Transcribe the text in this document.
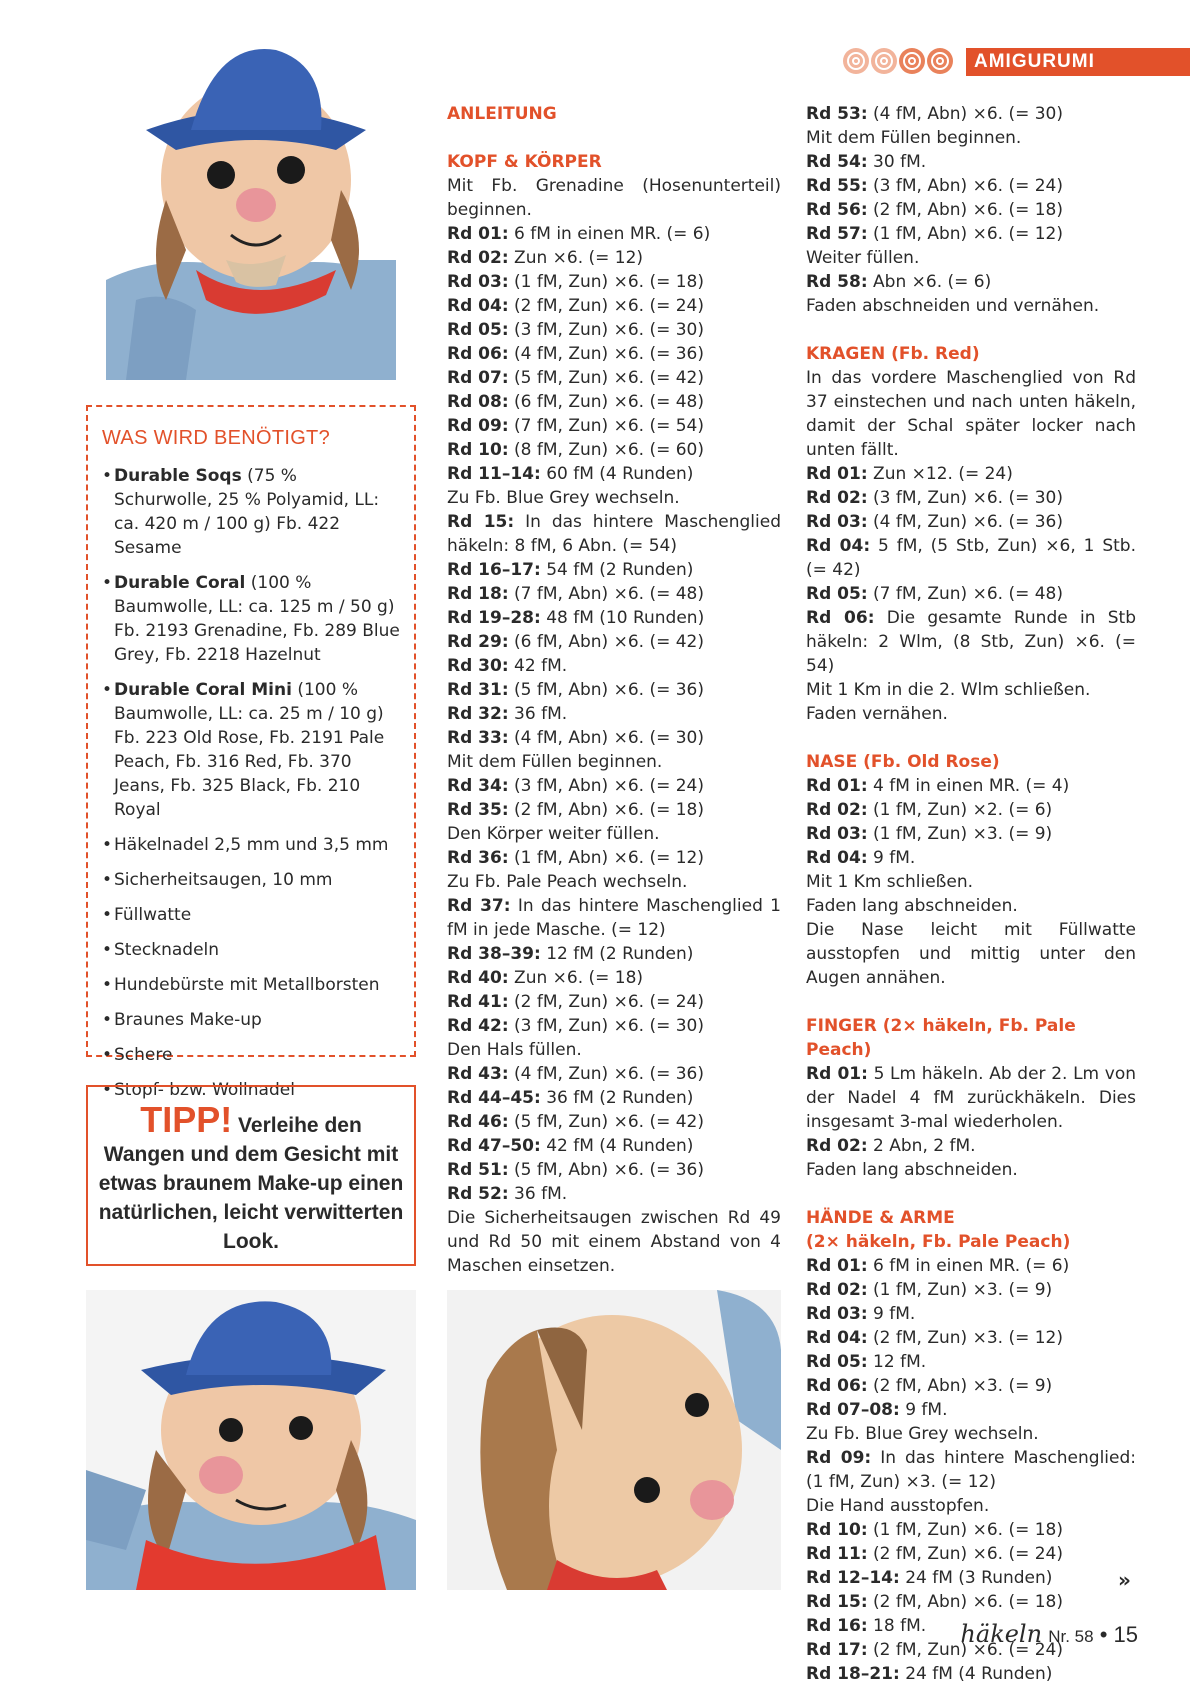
AMIGURUMI
WAS WIRD BENÖTIGT?
• Durable Soqs (75 % Schurwolle, 25 % Polyamid, LL: ca. 420 m / 100 g) Fb. 422 Sesame
• Durable Coral (100 % Baumwolle, LL: ca. 125 m / 50 g) Fb. 2193 Grenadine, Fb. 289 Blue Grey, Fb. 2218 Hazelnut
• Durable Coral Mini (100 % Baumwolle, LL: ca. 25 m / 10 g) Fb. 223 Old Rose, Fb. 2191 Pale Peach, Fb. 316 Red, Fb. 370 Jeans, Fb. 325 Black, Fb. 210 Royal
• Häkelnadel 2,5 mm und 3,5 mm
• Sicherheitsaugen, 10 mm
• Füllwatte
• Stecknadeln
• Hundebürste mit Metallborsten
• Braunes Make-up
• Schere
• Stopf- bzw. Wollnadel
TIPP! Verleihe den Wangen und dem Gesicht mit etwas braunem Make-up einen natürlichen, leicht verwitterten Look.

ANLEITUNG

KOPF & KÖRPER

Mit Fb. Grenadine (Hosenunterteil) beginnen.

Rd 01: 6 fM in einen MR. (= 6)

Rd 02: Zun ×6. (= 12)

Rd 03: (1 fM, Zun) ×6. (= 18)

Rd 04: (2 fM, Zun) ×6. (= 24)

Rd 05: (3 fM, Zun) ×6. (= 30)

Rd 06: (4 fM, Zun) ×6. (= 36)

Rd 07: (5 fM, Zun) ×6. (= 42)

Rd 08: (6 fM, Zun) ×6. (= 48)

Rd 09: (7 fM, Zun) ×6. (= 54)

Rd 10: (8 fM, Zun) ×6. (= 60)

Rd 11–14: 60 fM (4 Runden)

Zu Fb. Blue Grey wechseln.

Rd 15: In das hintere Maschenglied häkeln: 8 fM, 6 Abn. (= 54)

Rd 16–17: 54 fM (2 Runden)

Rd 18: (7 fM, Abn) ×6. (= 48)

Rd 19–28: 48 fM (10 Runden)

Rd 29: (6 fM, Abn) ×6. (= 42)

Rd 30: 42 fM.

Rd 31: (5 fM, Abn) ×6. (= 36)

Rd 32: 36 fM.

Rd 33: (4 fM, Abn) ×6. (= 30)

Mit dem Füllen beginnen.

Rd 34: (3 fM, Abn) ×6. (= 24)

Rd 35: (2 fM, Abn) ×6. (= 18)

Den Körper weiter füllen.

Rd 36: (1 fM, Abn) ×6. (= 12)

Zu Fb. Pale Peach wechseln.

Rd 37: In das hintere Maschenglied 1 fM in jede Masche. (= 12)

Rd 38–39: 12 fM (2 Runden)

Rd 40: Zun ×6. (= 18)

Rd 41: (2 fM, Zun) ×6. (= 24)

Rd 42: (3 fM, Zun) ×6. (= 30)

Den Hals füllen.

Rd 43: (4 fM, Zun) ×6. (= 36)

Rd 44–45: 36 fM (2 Runden)

Rd 46: (5 fM, Zun) ×6. (= 42)

Rd 47–50: 42 fM (4 Runden)

Rd 51: (5 fM, Abn) ×6. (= 36)

Rd 52: 36 fM.

Die Sicherheitsaugen zwischen Rd 49 und Rd 50 mit einem Abstand von 4 Maschen einsetzen.

Rd 53: (4 fM, Abn) ×6. (= 30)

Mit dem Füllen beginnen.

Rd 54: 30 fM.

Rd 55: (3 fM, Abn) ×6. (= 24)

Rd 56: (2 fM, Abn) ×6. (= 18)

Rd 57: (1 fM, Abn) ×6. (= 12)

Weiter füllen.

Rd 58: Abn ×6. (= 6)

Faden abschneiden und vernähen.

KRAGEN (Fb. Red)

In das vordere Maschenglied von Rd 37 einstechen und nach unten häkeln, damit der Schal später locker nach unten fällt.

Rd 01: Zun ×12. (= 24)

Rd 02: (3 fM, Zun) ×6. (= 30)

Rd 03: (4 fM, Zun) ×6. (= 36)

Rd 04: 5 fM, (5 Stb, Zun) ×6, 1 Stb. (= 42)

Rd 05: (7 fM, Zun) ×6. (= 48)

Rd 06: Die gesamte Runde in Stb häkeln: 2 Wlm, (8 Stb, Zun) ×6. (= 54)

Mit 1 Km in die 2. Wlm schließen.

Faden vernähen.

NASE (Fb. Old Rose)

Rd 01: 4 fM in einen MR. (= 4)

Rd 02: (1 fM, Zun) ×2. (= 6)

Rd 03: (1 fM, Zun) ×3. (= 9)

Rd 04: 9 fM.

Mit 1 Km schließen.

Faden lang abschneiden.

Die Nase leicht mit Füllwatte ausstopfen und mittig unter den Augen annähen.

FINGER (2× häkeln, Fb. Pale Peach)

Rd 01: 5 Lm häkeln. Ab der 2. Lm von der Nadel 4 fM zurückhäkeln. Dies insgesamt 3-mal wiederholen.

Rd 02: 2 Abn, 2 fM.

Faden lang abschneiden.

HÄNDE & ARME

(2× häkeln, Fb. Pale Peach)

Rd 01: 6 fM in einen MR. (= 6)

Rd 02: (1 fM, Zun) ×3. (= 9)

Rd 03: 9 fM.

Rd 04: (2 fM, Zun) ×3. (= 12)

Rd 05: 12 fM.

Rd 06: (2 fM, Abn) ×3. (= 9)

Rd 07–08: 9 fM.

Zu Fb. Blue Grey wechseln.

Rd 09: In das hintere Maschenglied: (1 fM, Zun) ×3. (= 12)

Die Hand ausstopfen.

Rd 10: (1 fM, Zun) ×6. (= 18)

Rd 11: (2 fM, Zun) ×6. (= 24)

Rd 12–14: 24 fM (3 Runden)

Rd 15: (2 fM, Abn) ×6. (= 18)

Rd 16: 18 fM.

Rd 17: (2 fM, Zun) ×6. (= 24)

Rd 18–21: 24 fM (4 Runden)

»
häkeln Nr. 58 • 15
